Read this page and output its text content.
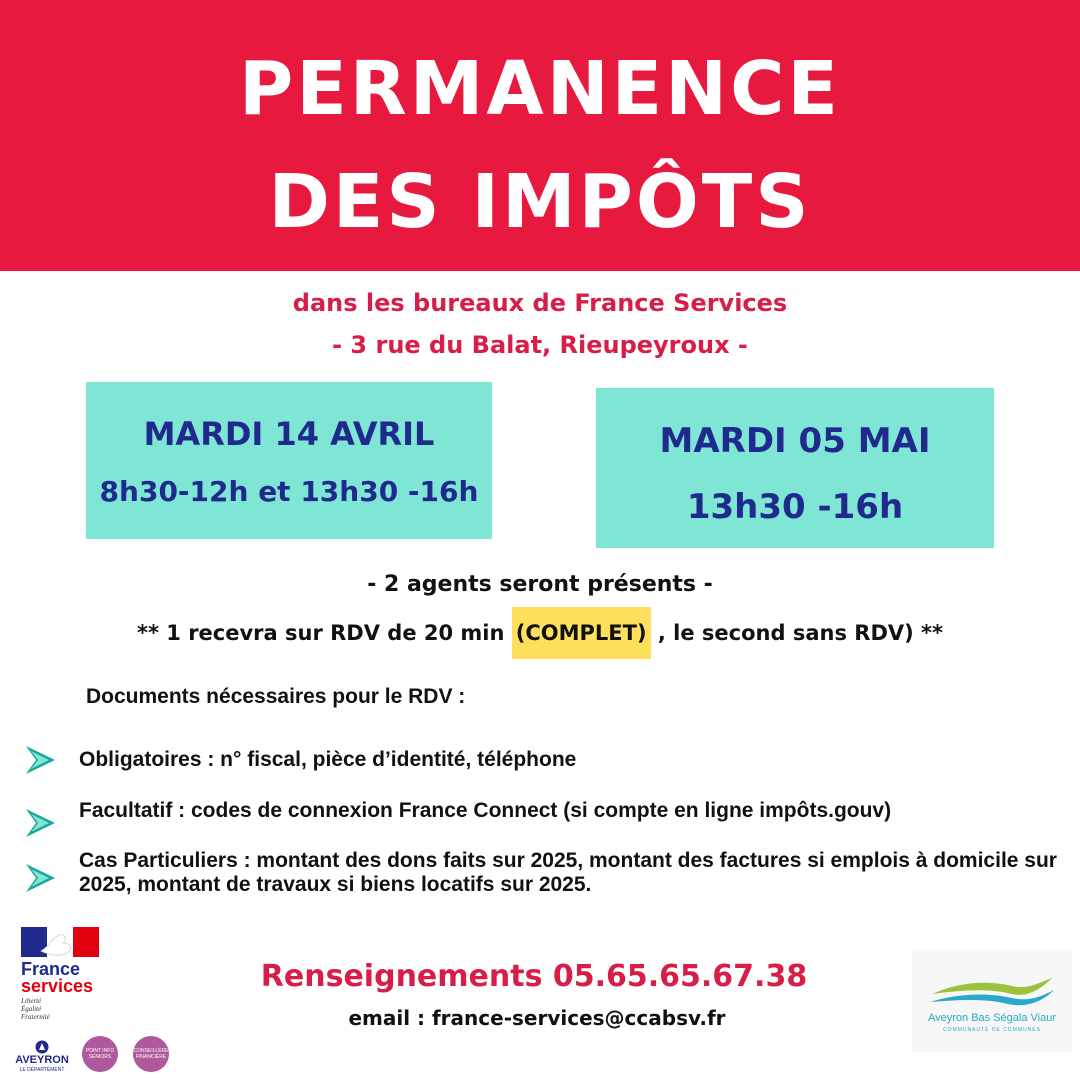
PERMANENCE
DES IMPÔTS
dans les bureaux de France Services
- 3 rue du Balat, Rieupeyroux -
MARDI 14 AVRIL
8h30-12h et 13h30 -16h
MARDI 05 MAI
13h30 -16h
- 2 agents seront présents -
** 1 recevra sur RDV de 20 min (COMPLET) , le second sans RDV) **
Documents nécessaires pour le RDV :
Obligatoires : n° fiscal, pièce d’identité, téléphone
Facultatif : codes de connexion France Connect (si compte en ligne impôts.gouv)
Cas Particuliers : montant des dons faits sur 2025, montant des factures si emplois à domicile sur 2025, montant de travaux si biens locatifs sur 2025.
Renseignements 05.65.65.67.38
email : france-services@ccabsv.fr
France
services
Liberté
Égalité
Fraternité
AVEYRON
LE DÉPARTEMENT
POINT INFO
SENIORS
CONSEILLÈRE
FINANCIÈRE
Aveyron Bas Ségala Viaur
COMMUNAUTÉ DE COMMUNES
